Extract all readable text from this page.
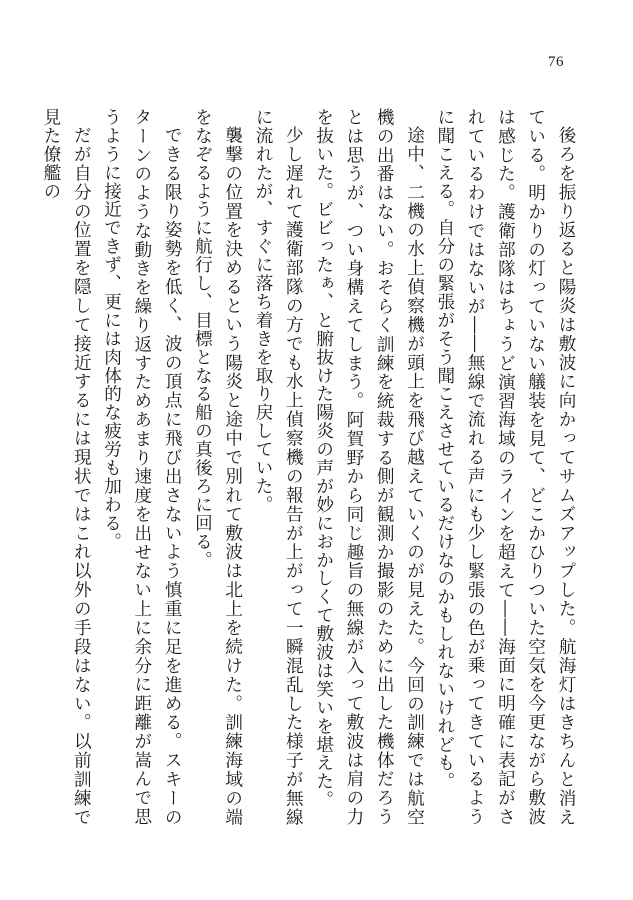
76

後ろを振り返ると陽炎は敷波に向かってサムズアップした。航海灯はきちんと消えている。明かりの灯っていない艤装を見て、どこかひりついた空気を今更ながら敷波は感じた。護衛部隊はちょうど演習海域のラインを超えて――海面に明確に表記がされているわけではないが――無線で流れる声にも少し緊張の色が乗ってきているように聞こえる。自分の緊張がそう聞こえさせているだけなのかもしれないけれども。

途中、二機の水上偵察機が頭上を飛び越えていくのが見えた。今回の訓練では航空機の出番はない。おそらく訓練を統裁する側が観測か撮影のために出した機体だろうとは思うが、つい身構えてしまう。阿賀野から同じ趣旨の無線が入って敷波は肩の力を抜いた。ビビったぁ、と腑抜けた陽炎の声が妙におかしくて敷波は笑いを堪えた。

少し遅れて護衛部隊の方でも水上偵察機の報告が上がって一瞬混乱した様子が無線に流れたが、すぐに落ち着きを取り戻していた。

襲撃の位置を決めるという陽炎と途中で別れて敷波は北上を続けた。訓練海域の端をなぞるように航行し、目標となる船の真後ろに回る。

できる限り姿勢を低く、波の頂点に飛び出さないよう慎重に足を進める。スキーのターンのような動きを繰り返すためあまり速度を出せない上に余分に距離が嵩んで思うように接近できず、更には肉体的な疲労も加わる。

だが自分の位置を隠して接近するには現状ではこれ以外の手段はない。以前訓練で見た僚艦の
